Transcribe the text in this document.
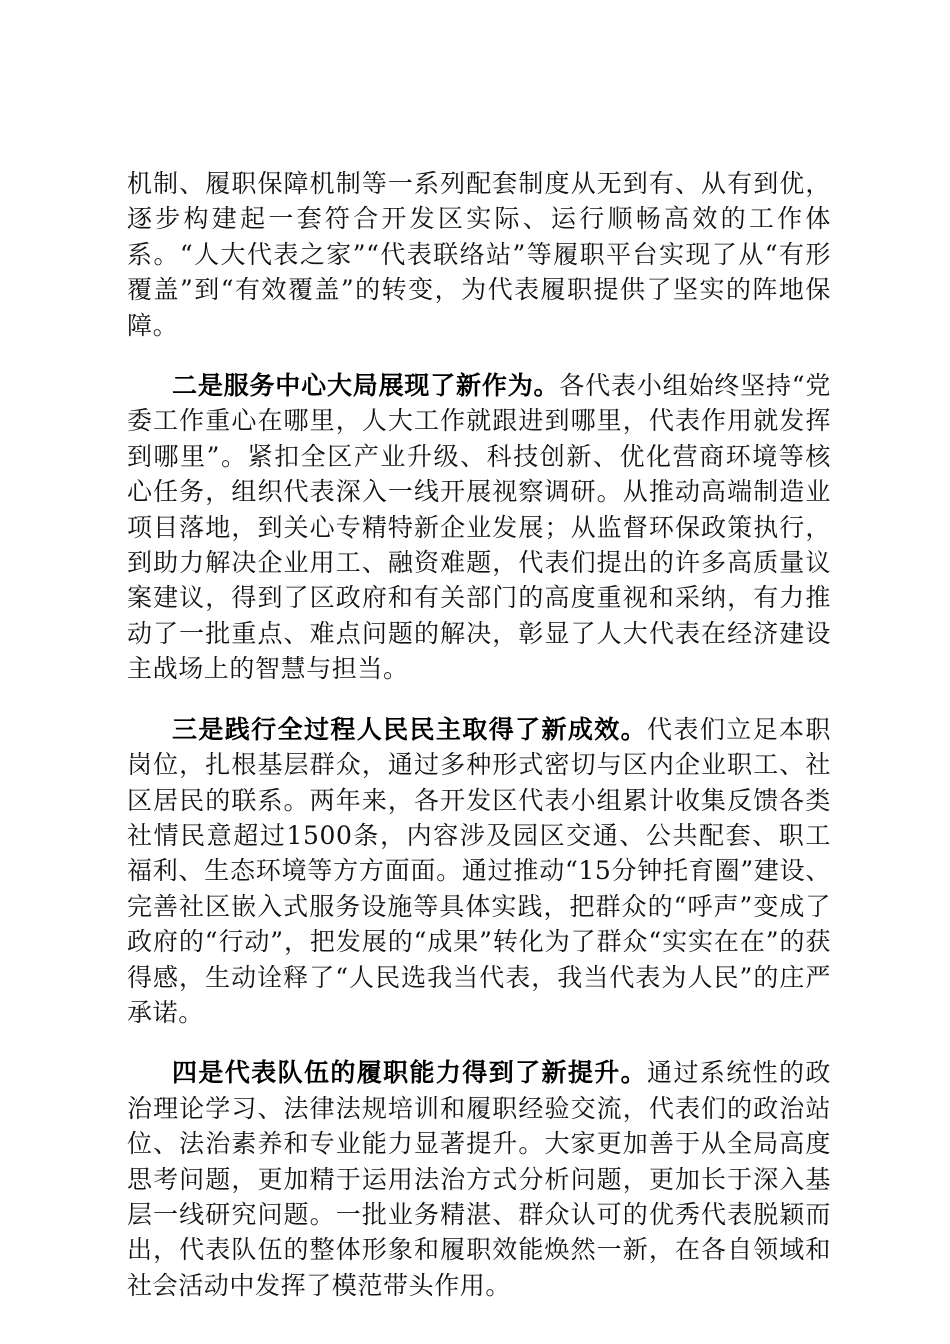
机制、履职保障机制等一系列配套制度从无到有、从有到优，逐步构建起一套符合开发区实际、运行顺畅高效的工作体系。“人大代表之家”“代表联络站”等履职平台实现了从“有形覆盖”到“有效覆盖”的转变，为代表履职提供了坚实的阵地保障。

二是服务中心大局展现了新作为。各代表小组始终坚持“党委工作重心在哪里，人大工作就跟进到哪里，代表作用就发挥到哪里”。紧扣全区产业升级、科技创新、优化营商环境等核心任务，组织代表深入一线开展视察调研。从推动高端制造业项目落地，到关心专精特新企业发展；从监督环保政策执行，到助力解决企业用工、融资难题，代表们提出的许多高质量议案建议，得到了区政府和有关部门的高度重视和采纳，有力推动了一批重点、难点问题的解决，彰显了人大代表在经济建设主战场上的智慧与担当。

三是践行全过程人民民主取得了新成效。代表们立足本职岗位，扎根基层群众，通过多种形式密切与区内企业职工、社区居民的联系。两年来，各开发区代表小组累计收集反馈各类社情民意超过1500条，内容涉及园区交通、公共配套、职工福利、生态环境等方方面面。通过推动“15分钟托育圈”建设、完善社区嵌入式服务设施等具体实践，把群众的“呼声”变成了政府的“行动”，把发展的“成果”转化为了群众“实实在在”的获得感，生动诠释了“人民选我当代表，我当代表为人民”的庄严承诺。

四是代表队伍的履职能力得到了新提升。通过系统性的政治理论学习、法律法规培训和履职经验交流，代表们的政治站位、法治素养和专业能力显著提升。大家更加善于从全局高度思考问题，更加精于运用法治方式分析问题，更加长于深入基层一线研究问题。一批业务精湛、群众认可的优秀代表脱颖而出，代表队伍的整体形象和履职效能焕然一新，在各自领域和社会活动中发挥了模范带头作用。
